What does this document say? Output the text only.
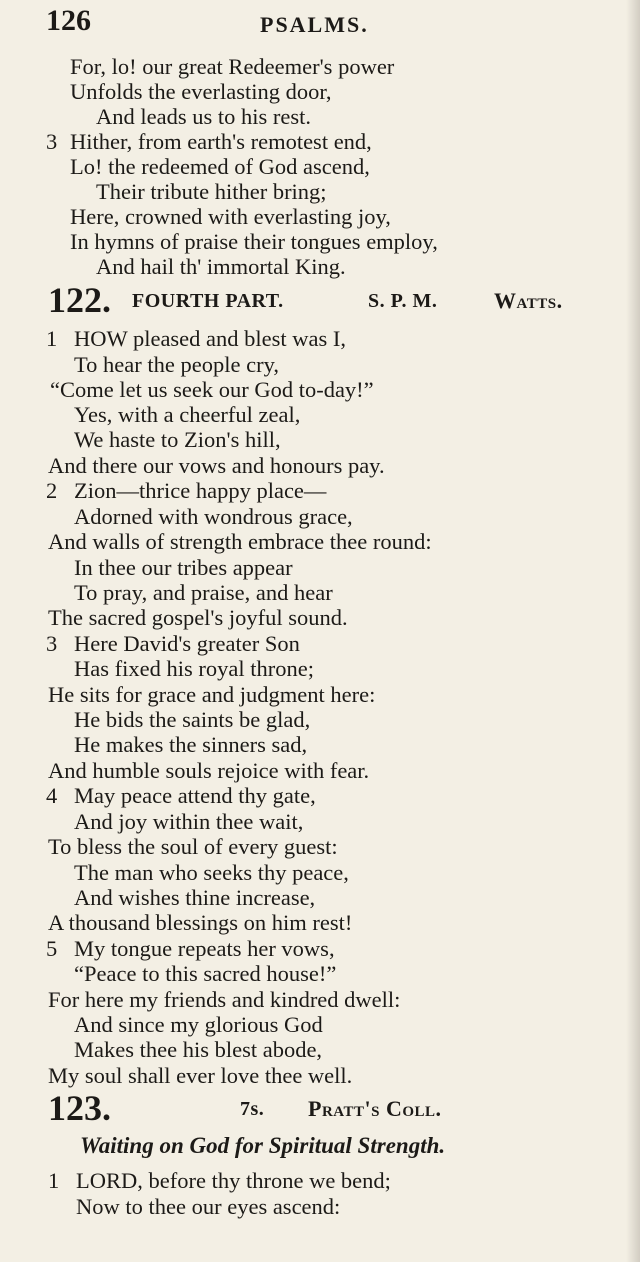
126	PSALMS.
For, lo! our great Redeemer's power
Unfolds the everlasting door,
And leads us to his rest.
3 Hither, from earth's remotest end,
Lo! the redeemed of God ascend,
Their tribute hither bring;
Here, crowned with everlasting joy,
In hymns of praise their tongues employ,
And hail th' immortal King.
122. FOURTH PART.	S. P. M.	Watts.
1 HOW pleased and blest was I,
To hear the people cry,
“Come let us seek our God to-day!”
Yes, with a cheerful zeal,
We haste to Zion's hill,
And there our vows and honours pay.
2 Zion—thrice happy place—
Adorned with wondrous grace,
And walls of strength embrace thee round:
In thee our tribes appear
To pray, and praise, and hear
The sacred gospel's joyful sound.
3 Here David's greater Son
Has fixed his royal throne;
He sits for grace and judgment here:
He bids the saints be glad,
He makes the sinners sad,
And humble souls rejoice with fear.
4 May peace attend thy gate,
And joy within thee wait,
To bless the soul of every guest:
The man who seeks thy peace,
And wishes thine increase,
A thousand blessings on him rest!
5 My tongue repeats her vows,
“Peace to this sacred house!”
For here my friends and kindred dwell:
And since my glorious God
Makes thee his blest abode,
My soul shall ever love thee well.
123.	7s. Pratt's Coll.
Waiting on God for Spiritual Strength.
1 LORD, before thy throne we bend;
Now to thee our eyes ascend:
